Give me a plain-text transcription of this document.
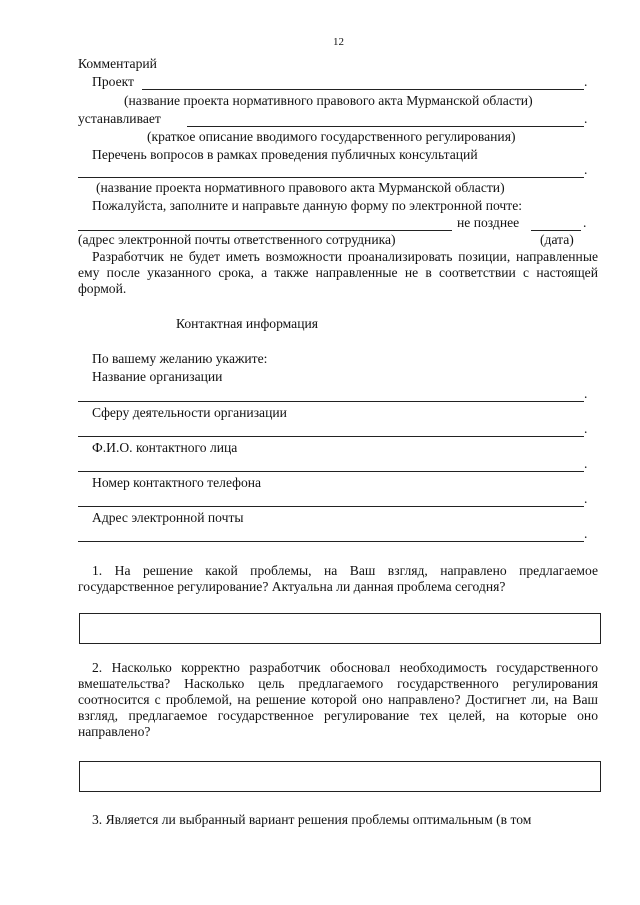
12
Комментарий
Проект	.
(название проекта нормативного правового акта Мурманской области)
устанавливает	.
(краткое описание вводимого государственного регулирования)
Перечень вопросов в рамках проведения публичных консультаций
.
(название проекта нормативного правового акта Мурманской области)
Пожалуйста, заполните и направьте данную форму по электронной почте:
не позднее	.
(адрес электронной почты ответственного сотрудника)	(дата)
Разработчик не будет иметь возможности проанализировать позиции, направленные ему после указанного срока, а также направленные не в соответствии с настоящей формой.
Контактная информация
По вашему желанию укажите:
Название организации
.
Сферу деятельности организации
.
Ф.И.О. контактного лица
.
Номер контактного телефона
.
Адрес электронной почты
.
1. На решение какой проблемы, на Ваш взгляд, направлено предлагаемое государственное регулирование? Актуальна ли данная проблема сегодня?
2. Насколько корректно разработчик обосновал необходимость государственного вмешательства? Насколько цель предлагаемого государственного регулирования соотносится с проблемой, на решение которой оно направлено? Достигнет ли, на Ваш взгляд, предлагаемое государственное регулирование тех целей, на которые оно направлено?
3. Является ли выбранный вариант решения проблемы оптимальным (в том
